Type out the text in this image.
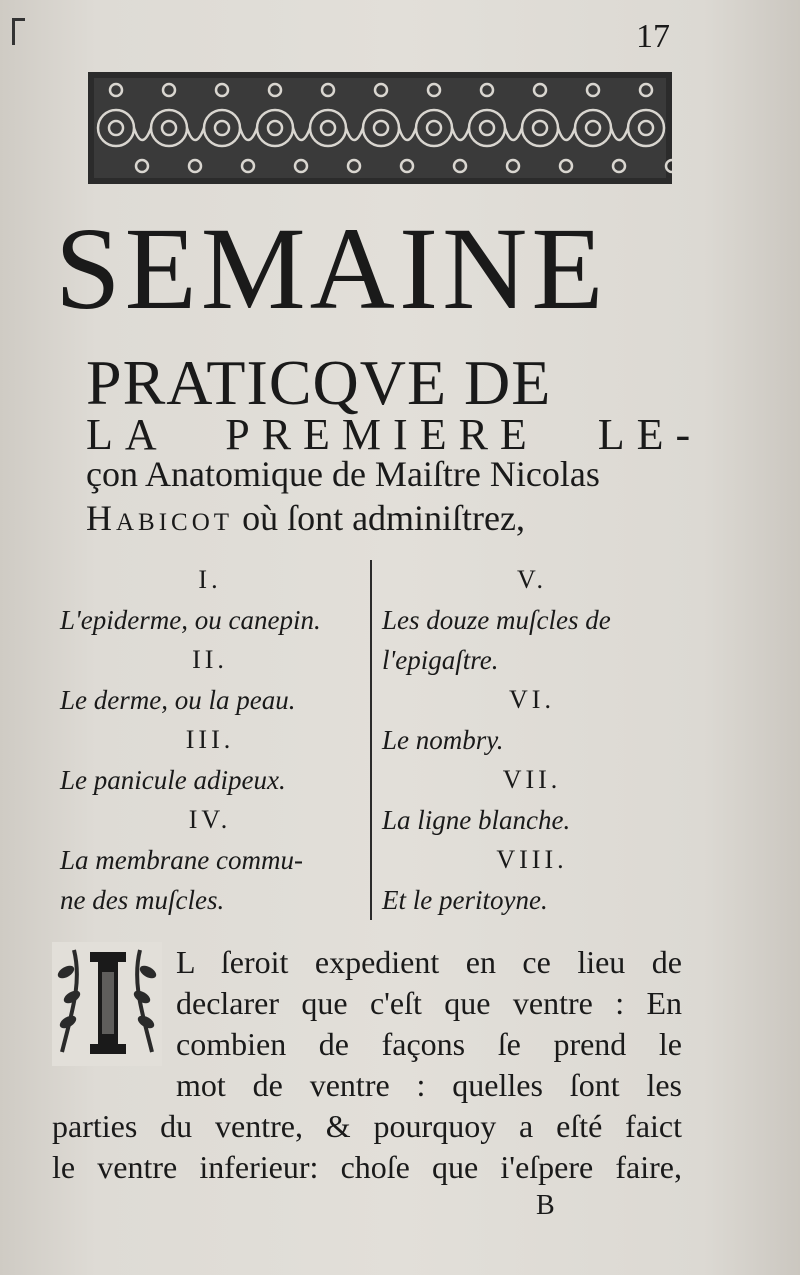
17
SEMAINE
PRATICQVE DE
LA PREMIERE LE-
çon Anatomique de Maiſtre Nicolas
Habicot où ſont adminiſtrez,
I.
L'epiderme, ou canepin.
II.
Le derme, ou la peau.
III.
Le panicule adipeux.
IV.
La membrane commu-
ne des muſcles.
V.
Les douze muſcles de
l'epigaſtre.
VI.
Le nombry.
VII.
La ligne blanche.
VIII.
Et le peritoyne.
L ſeroit expedient en ce lieu de
declarer que c'eſt que ventre : En
combien de façons ſe prend le
mot de ventre : quelles ſont les
parties du ventre, & pourquoy a eſté faict
le ventre inferieur: choſe que i'eſpere faire,
B
